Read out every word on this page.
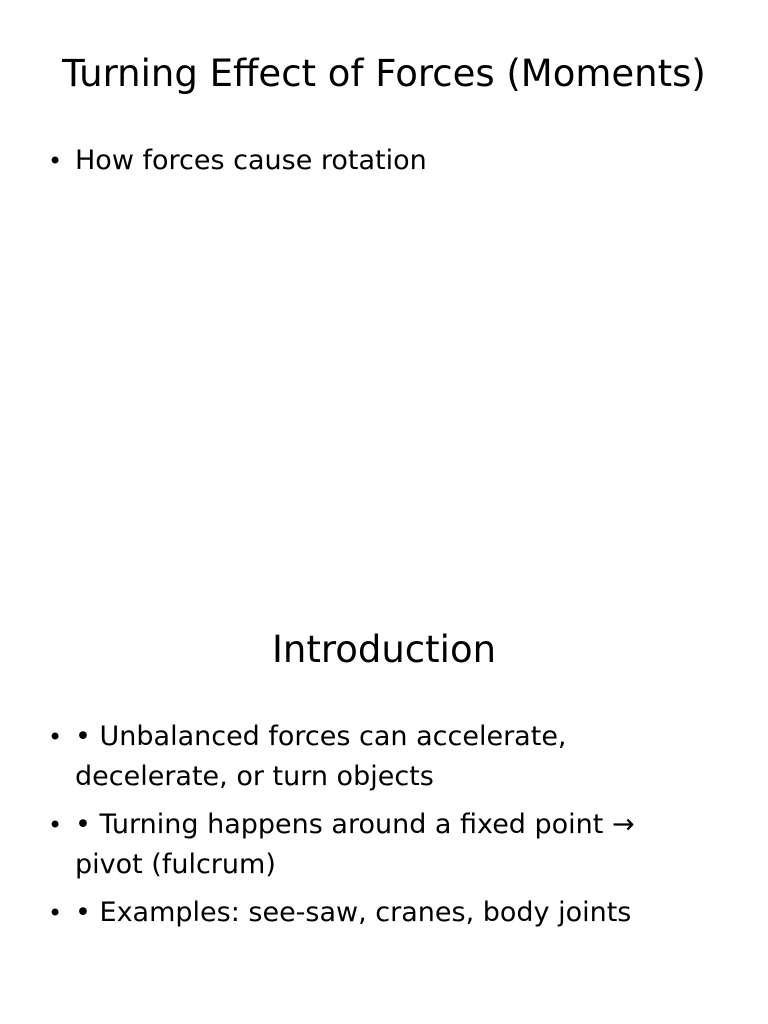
Turning Effect of Forces (Moments)
• How forces cause rotation
Introduction
• • Unbalanced forces can accelerate, decelerate, or turn objects
• • Turning happens around a fixed point → pivot (fulcrum)
• • Examples: see-saw, cranes, body joints
